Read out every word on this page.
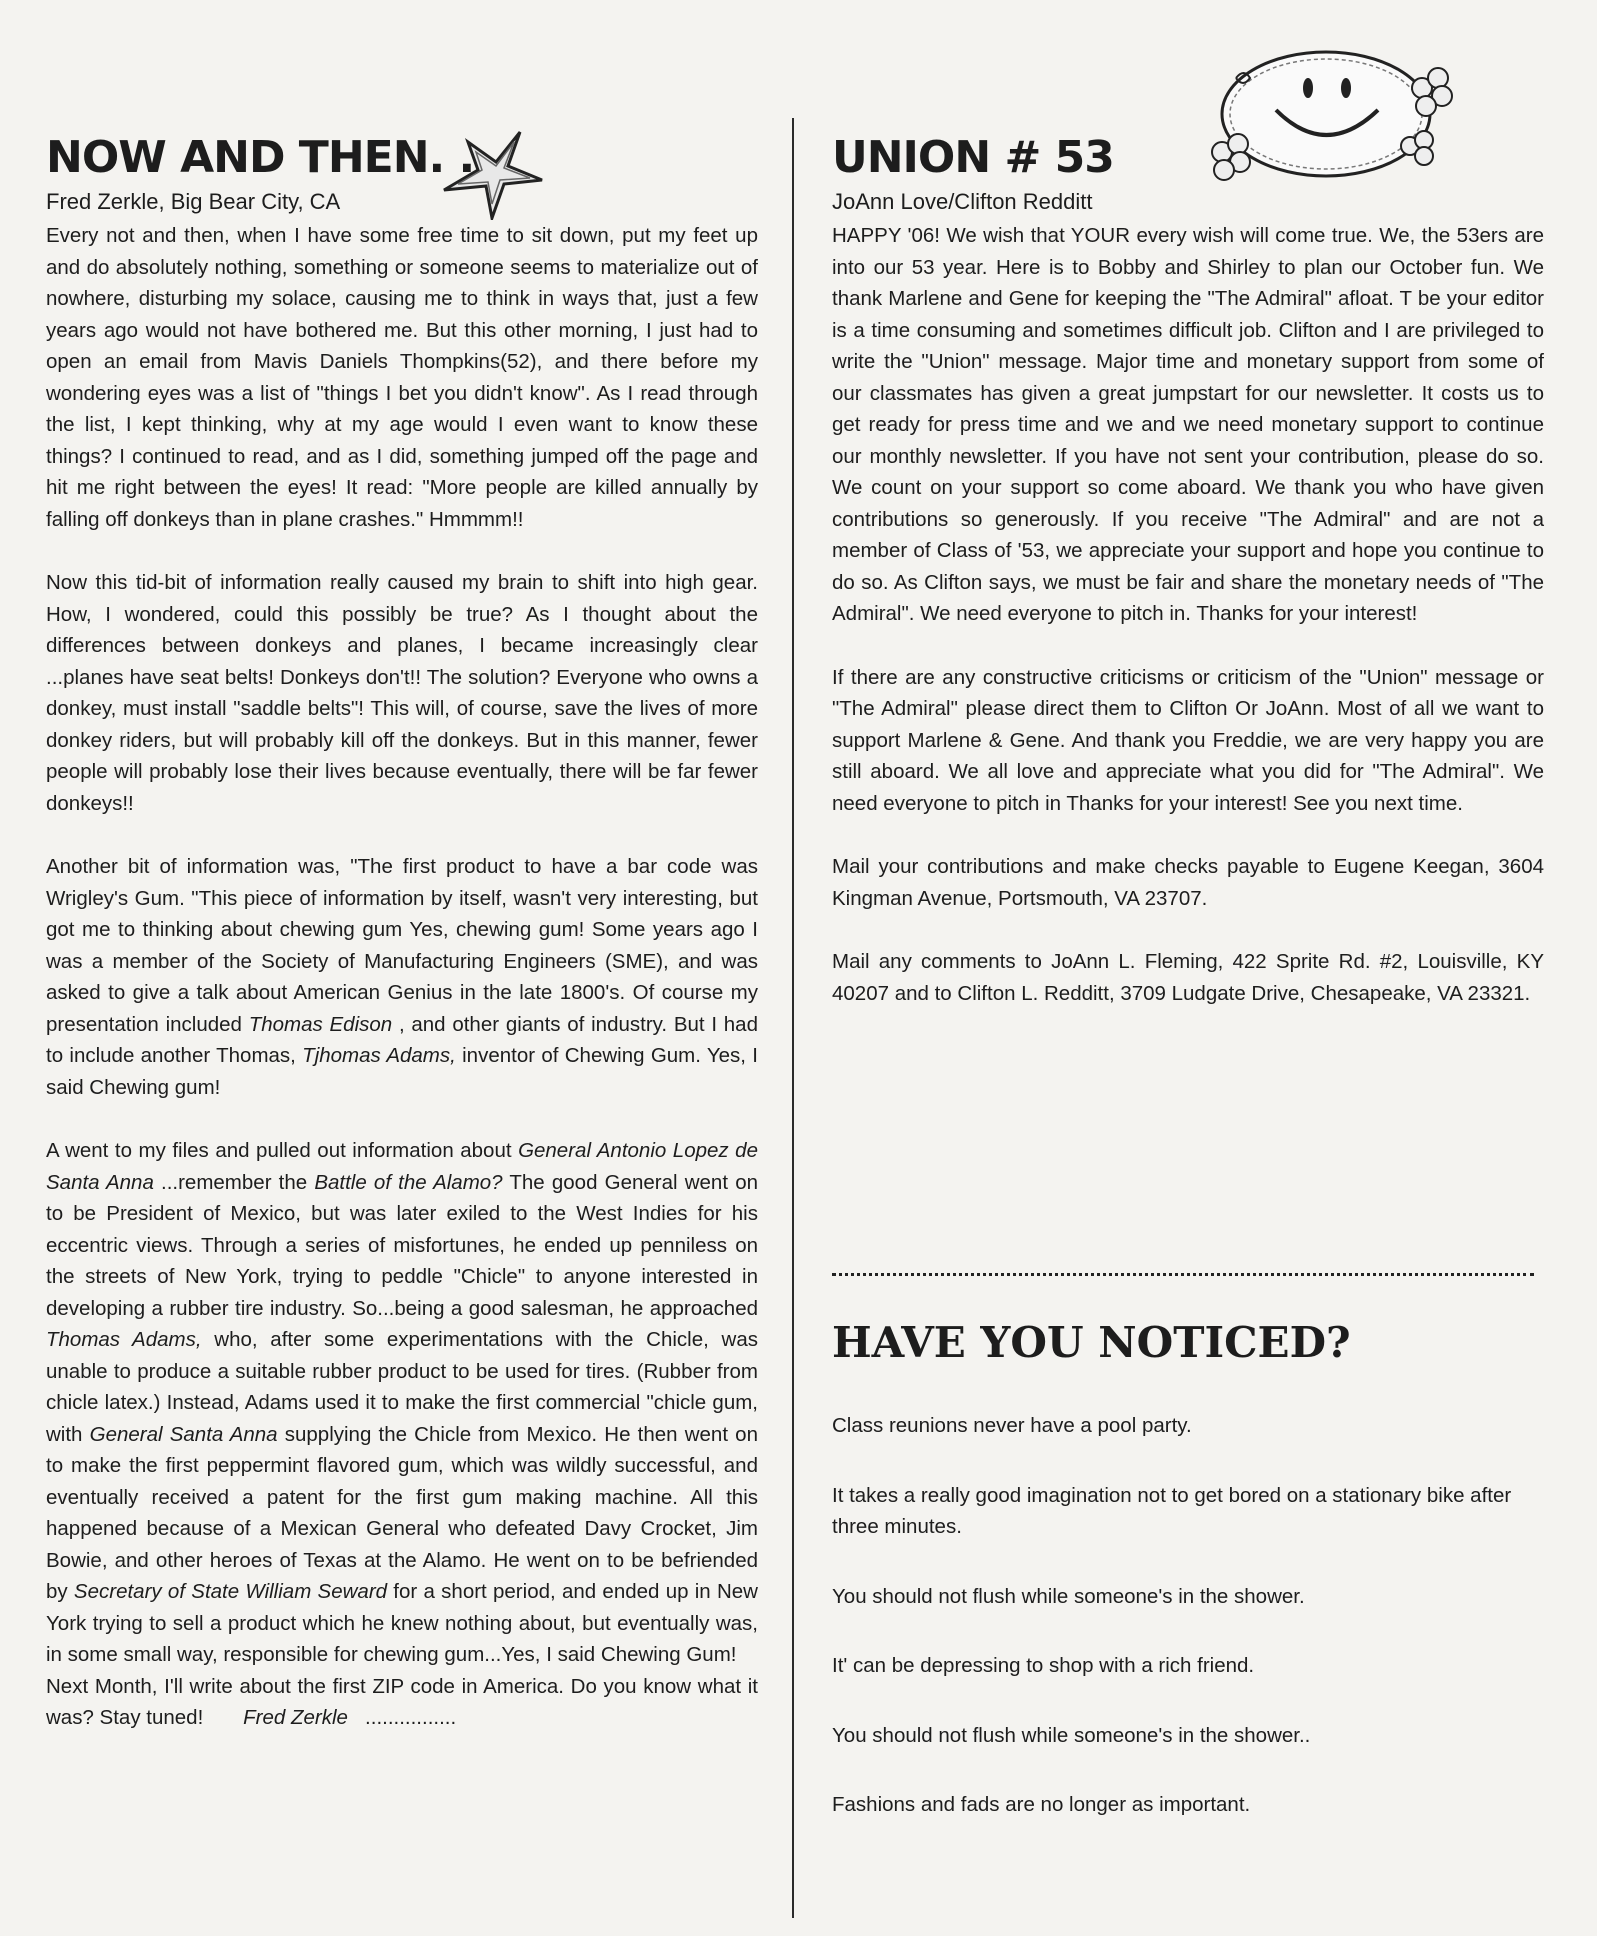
NOW AND THEN. .
Fred Zerkle, Big Bear City, CA

Every not and then, when I have some free time to sit down, put my feet up and do absolutely nothing, something or someone seems to materialize out of nowhere, disturbing my solace, causing me to think in ways that, just a few years ago would not have bothered me. But this other morning, I just had to open an email from Mavis Daniels Thompkins(52), and there before my wondering eyes was a list of "things I bet you didn't know". As I read through the list, I kept thinking, why at my age would I even want to know these things? I continued to read, and as I did, something jumped off the page and hit me right between the eyes! It read: "More people are killed annually by falling off donkeys than in plane crashes." Hmmmm!!

Now this tid-bit of information really caused my brain to shift into high gear. How, I wondered, could this possibly be true? As I thought about the differences between donkeys and planes, I became increasingly clear ...planes have seat belts! Donkeys don't!! The solution? Everyone who owns a donkey, must install "saddle belts"! This will, of course, save the lives of more donkey riders, but will probably kill off the donkeys. But in this manner, fewer people will probably lose their lives because eventually, there will be far fewer donkeys!!

Another bit of information was, "The first product to have a bar code was Wrigley's Gum. "This piece of information by itself, wasn't very interesting, but got me to thinking about chewing gum Yes, chewing gum! Some years ago I was a member of the Society of Manufacturing Engineers (SME), and was asked to give a talk about American Genius in the late 1800's. Of course my presentation included Thomas Edison , and other giants of industry. But I had to include another Thomas, Tjhomas Adams, inventor of Chewing Gum. Yes, I said Chewing gum!

A went to my files and pulled out information about General Antonio Lopez de Santa Anna ...remember the Battle of the Alamo? The good General went on to be President of Mexico, but was later exiled to the West Indies for his eccentric views. Through a series of misfortunes, he ended up penniless on the streets of New York, trying to peddle "Chicle" to anyone interested in developing a rubber tire industry. So...being a good salesman, he approached Thomas Adams, who, after some experimentations with the Chicle, was unable to produce a suitable rubber product to be used for tires. (Rubber from chicle latex.) Instead, Adams used it to make the first commercial "chicle gum, with General Santa Anna supplying the Chicle from Mexico. He then went on to make the first peppermint flavored gum, which was wildly successful, and eventually received a patent for the first gum making machine. All this happened because of a Mexican General who defeated Davy Crocket, Jim Bowie, and other heroes of Texas at the Alamo. He went on to be befriended by Secretary of State William Seward for a short period, and ended up in New York trying to sell a product which he knew nothing about, but eventually was, in some small way, responsible for chewing gum...Yes, I said Chewing Gum!

Next Month, I'll write about the first ZIP code in America. Do you know what it was? Stay tuned! Fred Zerkle ................

UNION # 53
JoAnn Love/Clifton Redditt

HAPPY '06! We wish that YOUR every wish will come true. We, the 53ers are into our 53 year. Here is to Bobby and Shirley to plan our October fun. We thank Marlene and Gene for keeping the "The Admiral" afloat. T be your editor is a time consuming and sometimes difficult job. Clifton and I are privileged to write the "Union" message. Major time and monetary support from some of our classmates has given a great jumpstart for our newsletter. It costs us to get ready for press time and we and we need monetary support to continue our monthly newsletter. If you have not sent your contribution, please do so. We count on your support so come aboard. We thank you who have given contributions so generously. If you receive "The Admiral" and are not a member of Class of '53, we appreciate your support and hope you continue to do so. As Clifton says, we must be fair and share the monetary needs of "The Admiral". We need everyone to pitch in. Thanks for your interest!

If there are any constructive criticisms or criticism of the "Union" message or "The Admiral" please direct them to Clifton Or JoAnn. Most of all we want to support Marlene & Gene. And thank you Freddie, we are very happy you are still aboard. We all love and appreciate what you did for "The Admiral". We need everyone to pitch in Thanks for your interest! See you next time.

Mail your contributions and make checks payable to Eugene Keegan, 3604 Kingman Avenue, Portsmouth, VA 23707.

Mail any comments to JoAnn L. Fleming, 422 Sprite Rd. #2, Louisville, KY 40207 and to Clifton L. Redditt, 3709 Ludgate Drive, Chesapeake, VA 23321.

HAVE YOU NOTICED?

Class reunions never have a pool party.

It takes a really good imagination not to get bored on a stationary bike after three minutes.

You should not flush while someone's in the shower.

It' can be depressing to shop with a rich friend.

You should not flush while someone's in the shower..

Fashions and fads are no longer as important.
